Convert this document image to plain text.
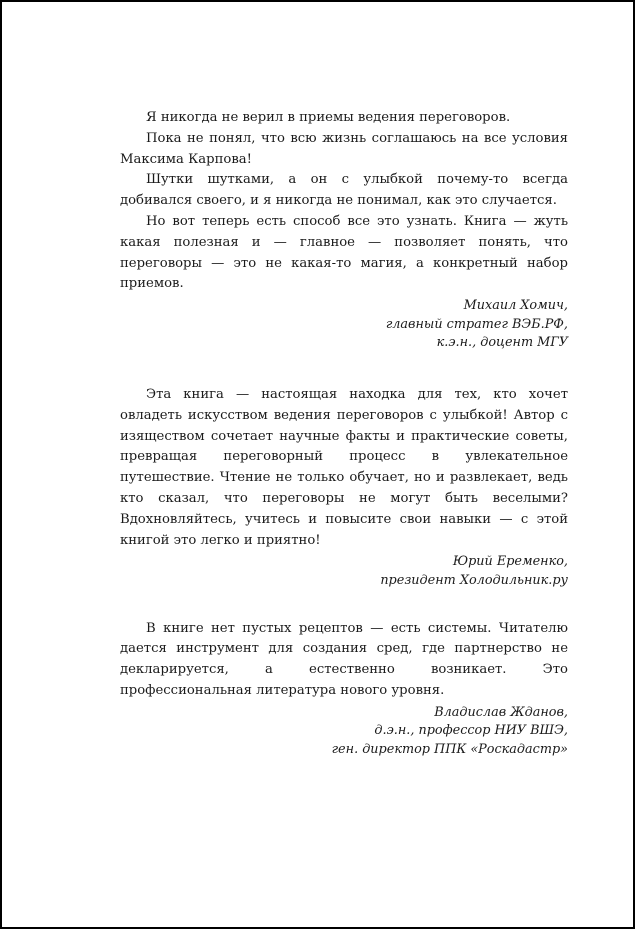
Я никогда не верил в приемы ведения переговоров.

Пока не понял, что всю жизнь соглашаюсь на все условия Максима Карпова!

Шутки шутками, а он с улыбкой почему-то всегда добивался своего, и я никогда не понимал, как это случается.

Но вот теперь есть способ все это узнать. Книга — жуть какая полезная и — главное — позволяет понять, что переговоры — это не какая-то магия, а конкретный набор приемов.

Михаил Хомич,
главный стратег ВЭБ.РФ,
к.э.н., доцент МГУ

Эта книга — настоящая находка для тех, кто хочет овладеть искусством ведения переговоров с улыбкой! Автор с изяществом сочетает научные факты и практические советы, превращая переговорный процесс в увлекательное путешествие. Чтение не только обучает, но и развлекает, ведь кто сказал, что переговоры не могут быть веселыми? Вдохновляйтесь, учитесь и повысите свои навыки — с этой книгой это легко и приятно!

Юрий Еременко,
президент Холодильник.ру

В книге нет пустых рецептов — есть системы. Читателю дается инструмент для создания сред, где партнерство не декларируется, а естественно возникает. Это профессиональная литература нового уровня.

Владислав Жданов,
д.э.н., профессор НИУ ВШЭ,
ген. директор ППК «Роскадастр»
